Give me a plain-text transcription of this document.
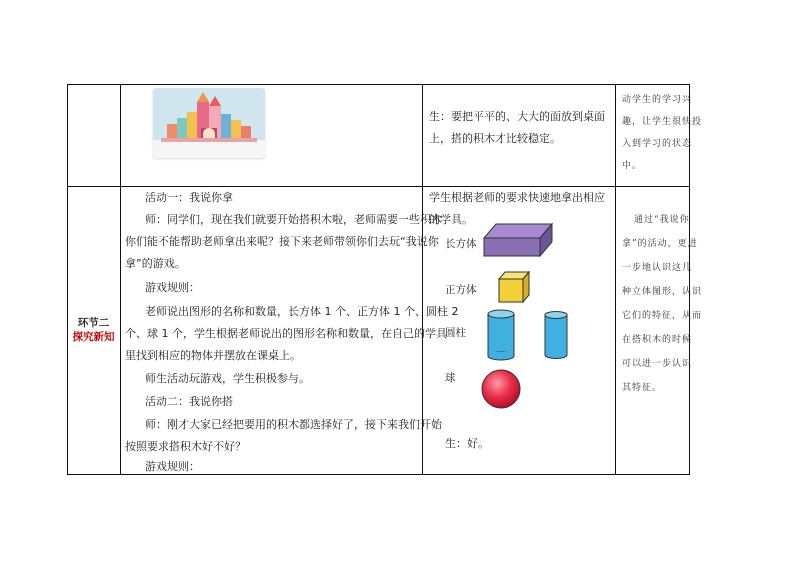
生：要把平平的、大大的面放到桌面
上，搭的积木才比较稳定。
动学生的学习兴
趣，让学生很快投
入到学习的状态
中。
环节二
探究新知
活动一：我说你拿
师：同学们，现在我们就要开始搭积木啦，老师需要一些积木
你们能不能帮助老师拿出来呢？接下来老师带领你们去玩“我说你
拿”的游戏。
游戏规则：
老师说出图形的名称和数量，长方体 1 个、正方体 1 个、圆柱 2
个、球 1 个，学生根据老师说出的图形名称和数量，在自己的学具
里找到相应的物体并摆放在课桌上。
师生活动玩游戏，学生积极参与。
活动二：我说你搭
师：刚才大家已经把要用的积木都选择好了，接下来我们开始
按照要求搭积木好不好？
游戏规则：
学生根据老师的要求快速地拿出相应
的学具。
长方体
正方体
圆柱
球
生：好。
通过“我说你
拿”的活动，更进
一步地认识这几
种立体图形，认识
它们的特征，从而
在搭积木的时候
可以进一步认识
其特征。
